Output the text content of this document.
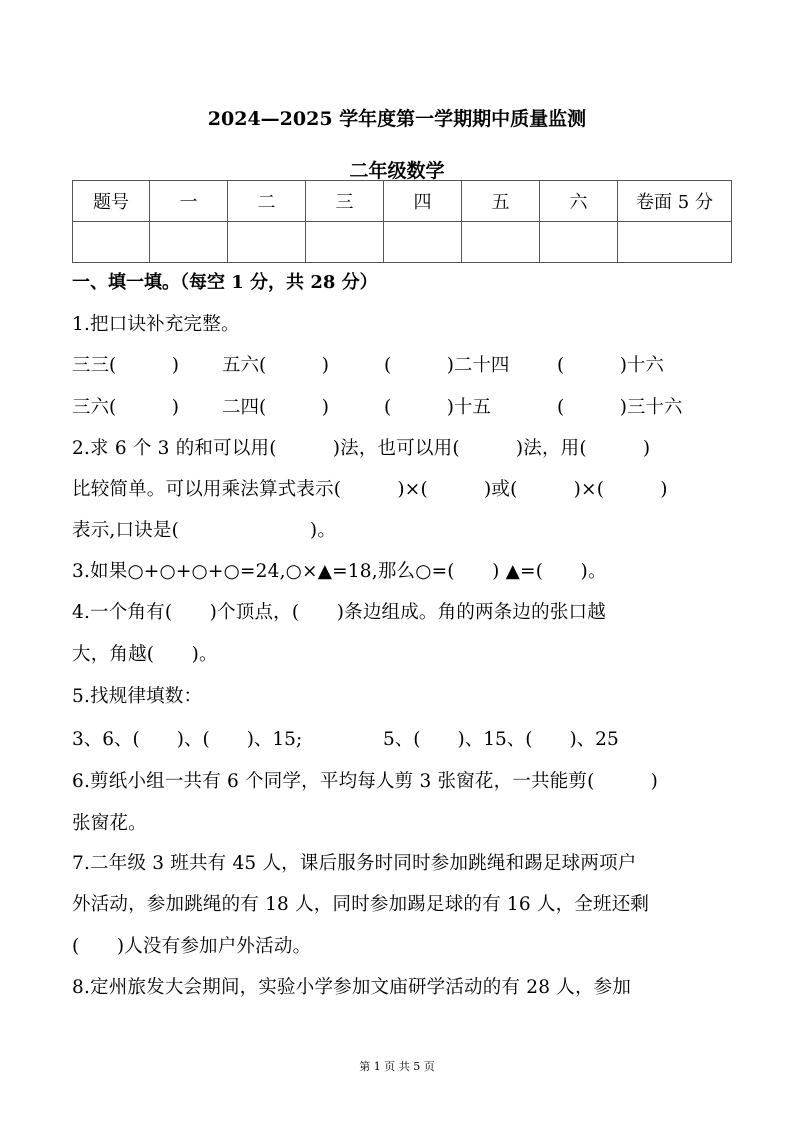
2024—2025 学年度第一学期期中质量监测
二年级数学
题号	一	二	三	四	五	六	卷面 5 分

一、填一填。（每空 1 分，共 28 分）
1.把口诀补充完整。
三三(　　　) 五六(　　　)	(　　　)二十四	(　　　)十六
三六(　　　) 二四(　　　)	(　　　)十五	(　　　)三十六
2.求 6 个 3 的和可以用(　　　)法，也可以用(　　　)法，用(　　　)
比较简单。可以用乘法算式表示(　　　)×(　　　)或(　　　)×(　　　)
表示,口诀是(　　　　　　　)。
3.如果○+○+○+○=24,○×▲=18,那么○=(　　) ▲=(　　)。
4.一个角有(　　)个顶点，(　　)条边组成。角的两条边的张口越
大，角越(　　)。
5.找规律填数：
3、6、(　　)、(　　)、15;	5、(　　)、15、(　　)、25
6.剪纸小组一共有 6 个同学，平均每人剪 3 张窗花，一共能剪(　　　)
张窗花。
7.二年级 3 班共有 45 人，课后服务时同时参加跳绳和踢足球两项户
外活动，参加跳绳的有 18 人，同时参加踢足球的有 16 人，全班还剩
(　　)人没有参加户外活动。
8.定州旅发大会期间，实验小学参加文庙研学活动的有 28 人，参加
第 1 页 共 5 页
